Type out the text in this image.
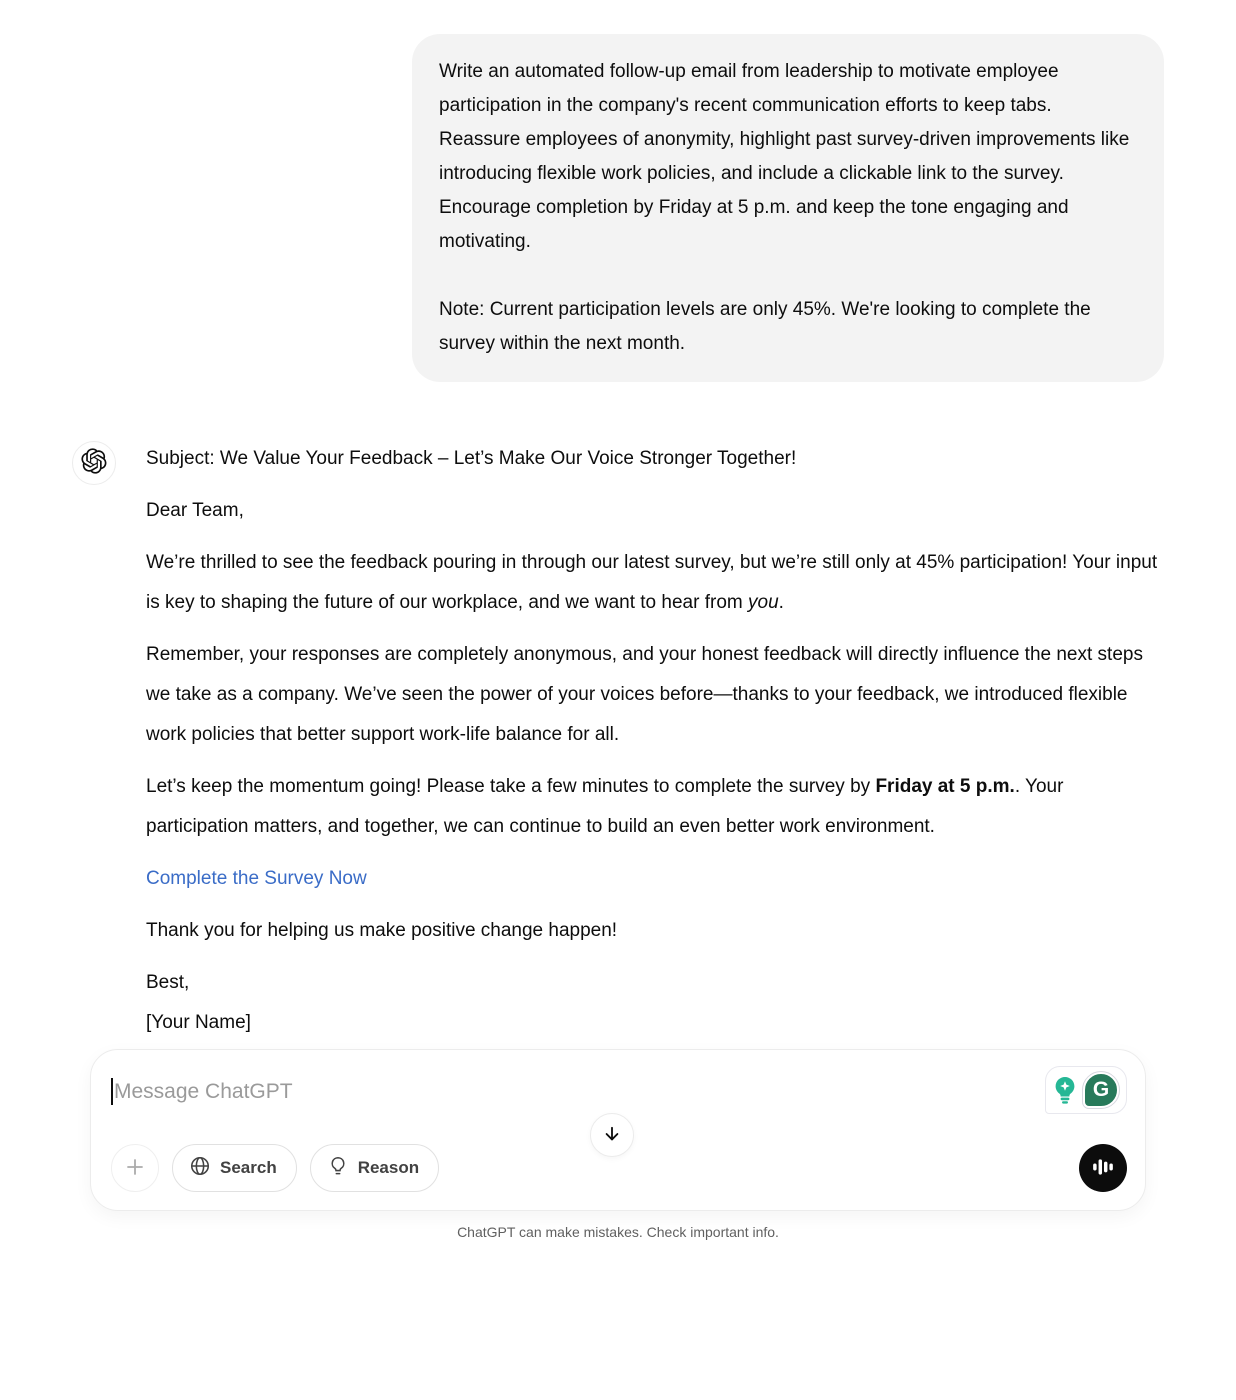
Write an automated follow-up email from leadership to motivate employee participation in the company's recent communication efforts to keep tabs. Reassure employees of anonymity, highlight past survey-driven improvements like introducing flexible work policies, and include a clickable link to the survey. Encourage completion by Friday at 5 p.m. and keep the tone engaging and motivating.

Note: Current participation levels are only 45%. We're looking to complete the survey within the next month.

Subject: We Value Your Feedback – Let’s Make Our Voice Stronger Together!

Dear Team,

We’re thrilled to see the feedback pouring in through our latest survey, but we’re still only at 45% participation! Your input is key to shaping the future of our workplace, and we want to hear from you.

Remember, your responses are completely anonymous, and your honest feedback will directly influence the next steps we take as a company. We’ve seen the power of your voices before—thanks to your feedback, we introduced flexible work policies that better support work-life balance for all.

Let’s keep the momentum going! Please take a few minutes to complete the survey by Friday at 5 p.m.. Your participation matters, and together, we can continue to build an even better work environment.

Complete the Survey Now

Thank you for helping us make positive change happen!

Best,
[Your Name]

Message ChatGPT	G
Search	Reason
ChatGPT can make mistakes. Check important info.
